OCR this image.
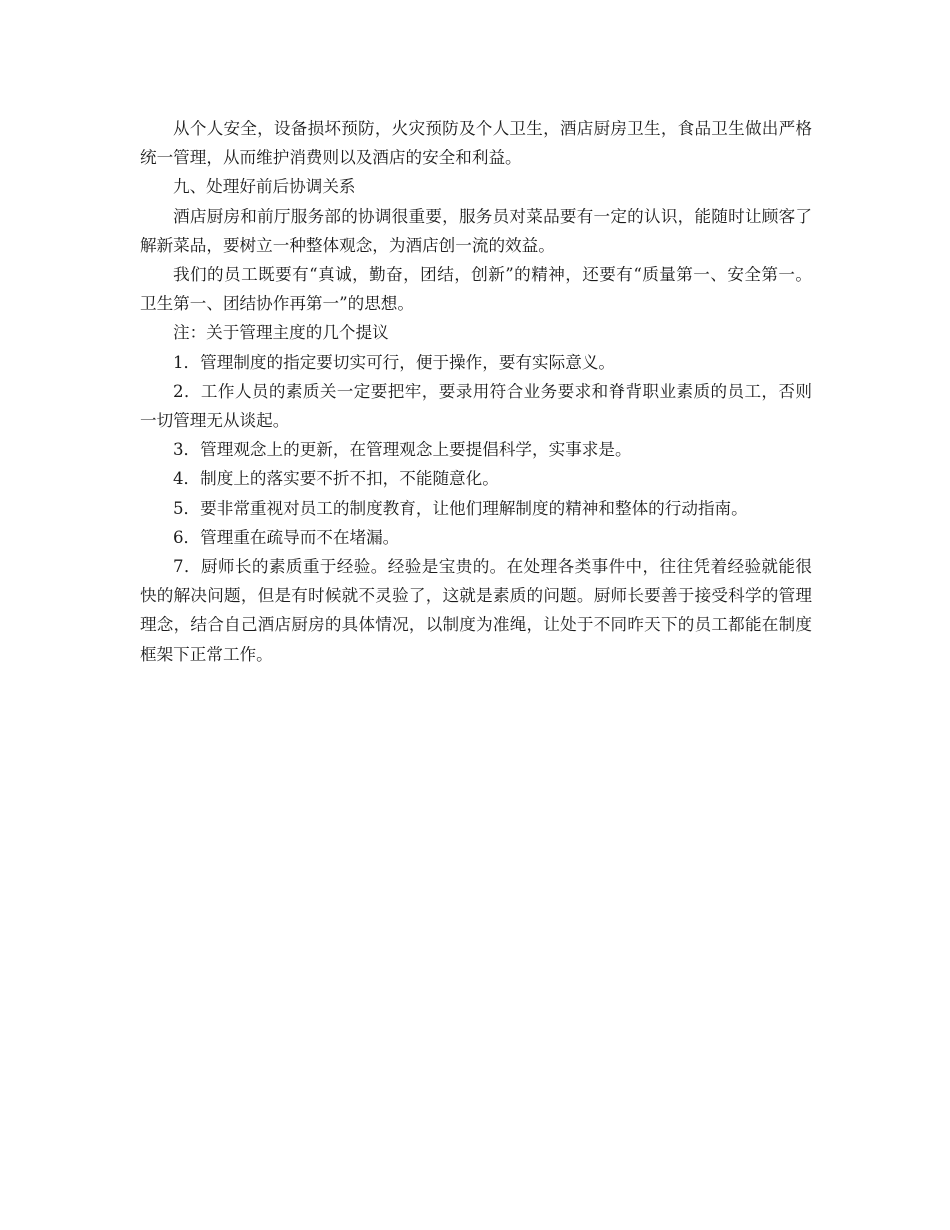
从个人安全，设备损坏预防，火灾预防及个人卫生，酒店厨房卫生，食品卫生做出严格统一管理，从而维护消费则以及酒店的安全和利益。

九、处理好前后协调关系

酒店厨房和前厅服务部的协调很重要，服务员对菜品要有一定的认识，能随时让顾客了解新菜品，要树立一种整体观念，为酒店创一流的效益。

我们的员工既要有“真诚，勤奋，团结，创新”的精神，还要有“质量第一、安全第一。卫生第一、团结协作再第一”的思想。

注：关于管理主度的几个提议

1．管理制度的指定要切实可行，便于操作，要有实际意义。

2．工作人员的素质关一定要把牢，要录用符合业务要求和脊背职业素质的员工，否则一切管理无从谈起。

3．管理观念上的更新，在管理观念上要提倡科学，实事求是。

4．制度上的落实要不折不扣，不能随意化。

5．要非常重视对员工的制度教育，让他们理解制度的精神和整体的行动指南。

6．管理重在疏导而不在堵漏。

7．厨师长的素质重于经验。经验是宝贵的。在处理各类事件中，往往凭着经验就能很快的解决问题，但是有时候就不灵验了，这就是素质的问题。厨师长要善于接受科学的管理理念，结合自己酒店厨房的具体情况，以制度为准绳，让处于不同昨天下的员工都能在制度框架下正常工作。
